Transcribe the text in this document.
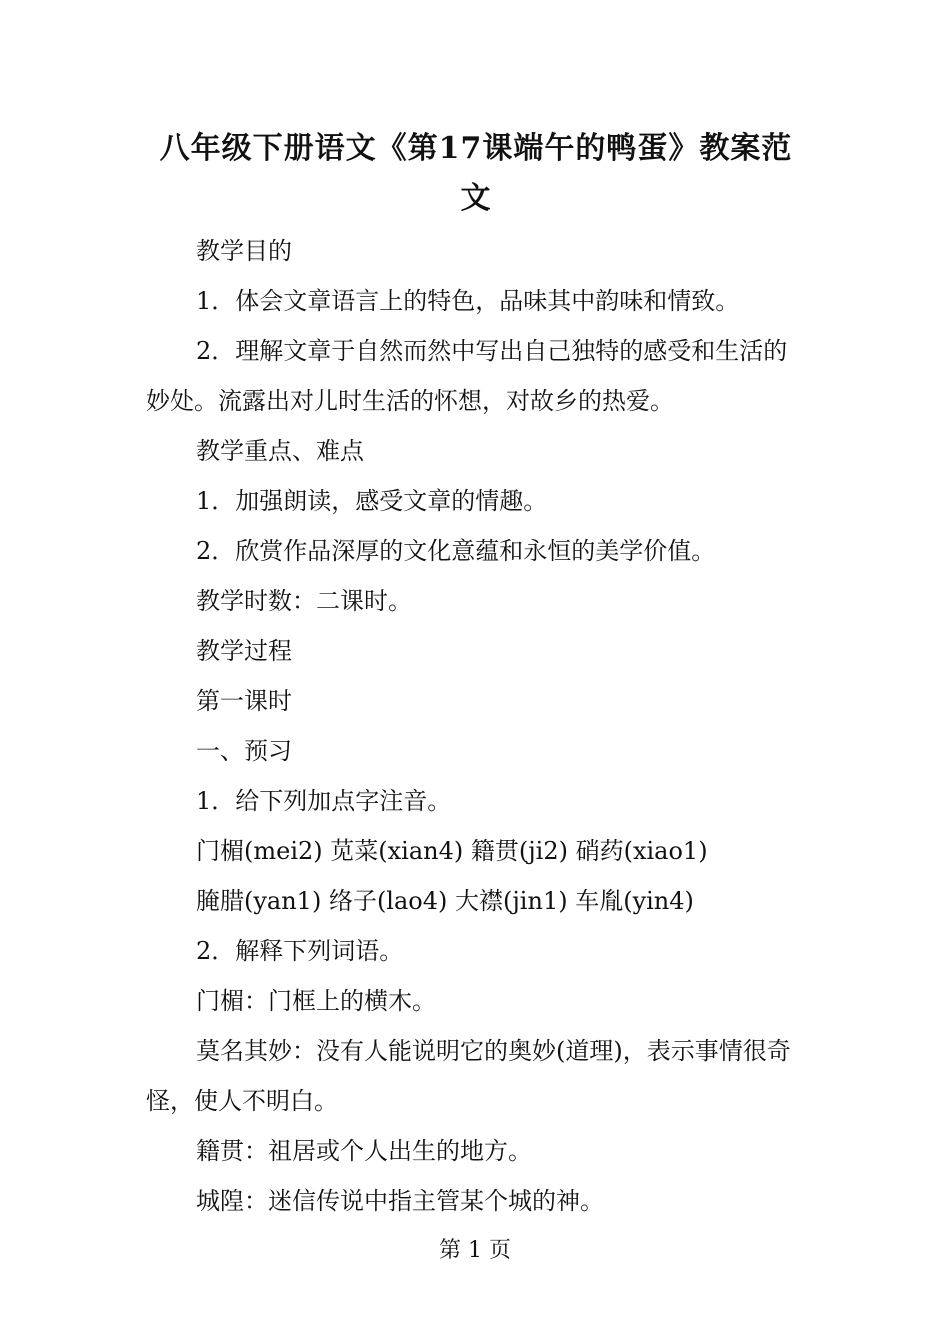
八年级下册语文《第17课端午的鸭蛋》教案范
文

教学目的

1．体会文章语言上的特色，品味其中韵味和情致。

2．理解文章于自然而然中写出自己独特的感受和生活的妙处。流露出对儿时生活的怀想，对故乡的热爱。

教学重点、难点

1．加强朗读，感受文章的情趣。

2．欣赏作品深厚的文化意蕴和永恒的美学价值。

教学时数：二课时。

教学过程

第一课时

一、预习

1．给下列加点字注音。

门楣(mei2) 苋菜(xian4) 籍贯(ji2) 硝药(xiao1)

腌腊(yan1) 络子(lao4) 大襟(jin1) 车胤(yin4)

2．解释下列词语。

门楣：门框上的横木。

莫名其妙：没有人能说明它的奥妙(道理)，表示事情很奇怪，使人不明白。

籍贯：祖居或个人出生的地方。

城隍：迷信传说中指主管某个城的神。

第 1 页
